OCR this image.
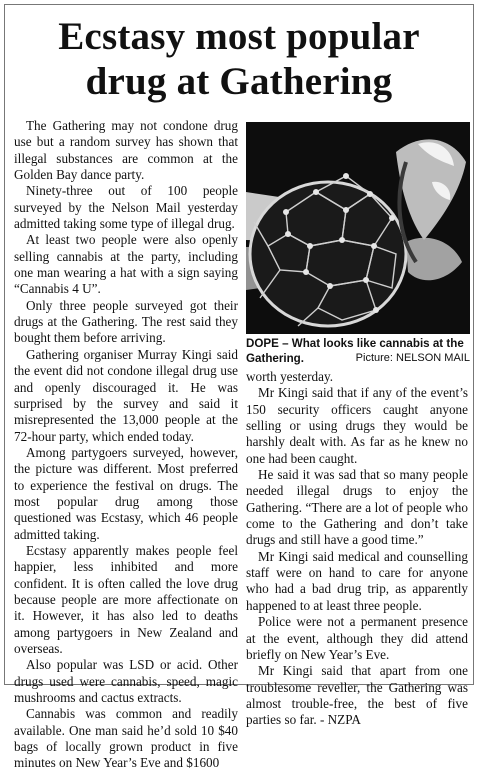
Ecstasy most popular
drug at Gathering

The Gathering may not condone drug use but a random survey has shown that illegal substances are common at the Golden Bay dance party.

Ninety-three out of 100 people surveyed by the Nelson Mail yesterday admitted taking some type of illegal drug.

At least two people were also openly selling cannabis at the party, including one man wearing a hat with a sign saying “Cannabis 4 U”.

Only three people surveyed got their drugs at the Gathering. The rest said they bought them before arriving.

Gathering organiser Murray Kingi said the event did not condone illegal drug use and openly discouraged it. He was surprised by the survey and said it misrepresented the 13,000 people at the 72-hour party, which ended today.

Among partygoers surveyed, however, the picture was different. Most preferred to experience the festival on drugs. The most popular drug among those questioned was Ecstasy, which 46 people admitted taking.

Ecstasy apparently makes people feel happier, less inhibited and more confident. It is often called the love drug because people are more affectionate on it. However, it has also led to deaths among partygoers in New Zealand and overseas.

Also popular was LSD or acid. Other drugs used were cannabis, speed, magic mushrooms and cactus extracts.

Cannabis was common and readily available. One man said he’d sold 10 $40 bags of locally grown product in five minutes on New Year’s Eve and $1600

DOPE – What looks like cannabis at the Gathering.	Picture: NELSON MAIL

worth yesterday.

Mr Kingi said that if any of the event’s 150 security officers caught anyone selling or using drugs they would be harshly dealt with. As far as he knew no one had been caught.

He said it was sad that so many people needed illegal drugs to enjoy the Gathering. “There are a lot of people who come to the Gathering and don’t take drugs and still have a good time.”

Mr Kingi said medical and counselling staff were on hand to care for anyone who had a bad drug trip, as apparently happened to at least three people.

Police were not a permanent presence at the event, although they did attend briefly on New Year’s Eve.

Mr Kingi said that apart from one troublesome reveller, the Gathering was almost trouble-free, the best of five parties so far. - NZPA
